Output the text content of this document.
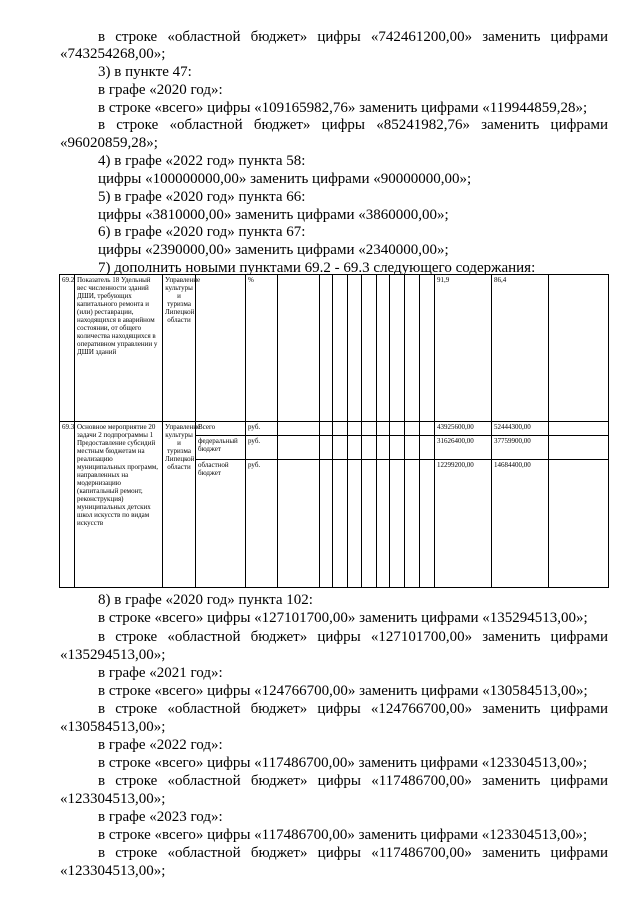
в строке «областной бюджет» цифры «742461200,00» заменить цифрами
«743254268,00»;
3) в пункте 47:
в графе «2020 год»:
в строке «всего» цифры «109165982,76» заменить цифрами «119944859,28»;
в строке «областной бюджет» цифры «85241982,76» заменить цифрами
«96020859,28»;
4) в графе «2022 год» пункта 58:
цифры «100000000,00» заменить цифрами «90000000,00»;
5) в графе «2020 год» пункта 66:
цифры «3810000,00» заменить цифрами «3860000,00»;
6) в графе «2020 год» пункта 67:
цифры «2390000,00» заменить цифрами «2340000,00»;
7) дополнить новыми пунктами 69.2 - 69.3 следующего содержания:
69.2	Показатель 18 Удельный вес численности зданий ДШИ, требующих капитального ремонта и (или) реставрации, находящихся в аварийном состоянии, от общего количества находящихся в оперативном управлении у ДШИ зданий	Управление культуры и туризма Липецкой области		%										91,9	86,4	
69.3	Основное мероприятие 20 задачи 2 подпрограммы 1 Предоставление субсидий местным бюджетам на реализацию муниципальных программ, направленных на модернизацию (капитальный ремонт, реконструкция) муниципальных детских школ искусств по видам искусств	Управление культуры и туризма Липецкой области	Всего	руб.										43925600,00	52444300,00	
			федеральный бюджет	руб.										31626400,00	37759900,00	
			областной бюджет	руб.										12299200,00	14684400,00	
8) в графе «2020 год» пункта 102:
в строке «всего» цифры «127101700,00» заменить цифрами «135294513,00»;
в строке «областной бюджет» цифры «127101700,00» заменить цифрами
«135294513,00»;
в графе «2021 год»:
в строке «всего» цифры «124766700,00» заменить цифрами «130584513,00»;
в строке «областной бюджет» цифры «124766700,00» заменить цифрами
«130584513,00»;
в графе «2022 год»:
в строке «всего» цифры «117486700,00» заменить цифрами «123304513,00»;
в строке «областной бюджет» цифры «117486700,00» заменить цифрами
«123304513,00»;
в графе «2023 год»:
в строке «всего» цифры «117486700,00» заменить цифрами «123304513,00»;
в строке «областной бюджет» цифры «117486700,00» заменить цифрами
«123304513,00»;
